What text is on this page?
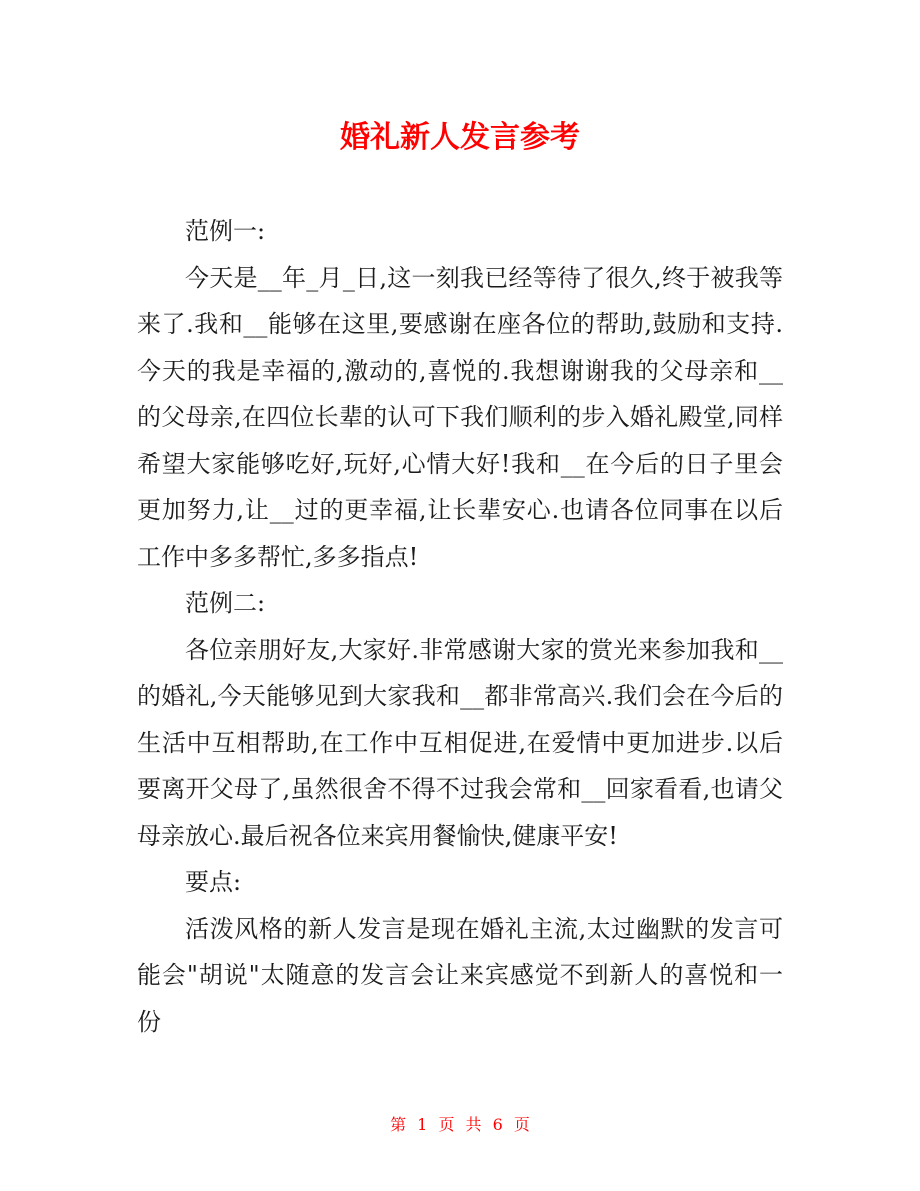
婚礼新人发言参考

范例一:

今天是__年_月_日,这一刻我已经等待了很久,终于被我等来了.我和__能够在这里,要感谢在座各位的帮助,鼓励和支持.今天的我是幸福的,激动的,喜悦的.我想谢谢我的父母亲和__的父母亲,在四位长辈的认可下我们顺利的步入婚礼殿堂,同样希望大家能够吃好,玩好,心情大好!我和__在今后的日子里会更加努力,让__过的更幸福,让长辈安心.也请各位同事在以后工作中多多帮忙,多多指点!

范例二:

各位亲朋好友,大家好.非常感谢大家的赏光来参加我和__的婚礼,今天能够见到大家我和__都非常高兴.我们会在今后的生活中互相帮助,在工作中互相促进,在爱情中更加进步.以后要离开父母了,虽然很舍不得不过我会常和__回家看看,也请父母亲放心.最后祝各位来宾用餐愉快,健康平安!

要点:

活泼风格的新人发言是现在婚礼主流,太过幽默的发言可能会"胡说"太随意的发言会让来宾感觉不到新人的喜悦和一份

第 1 页 共 6 页
